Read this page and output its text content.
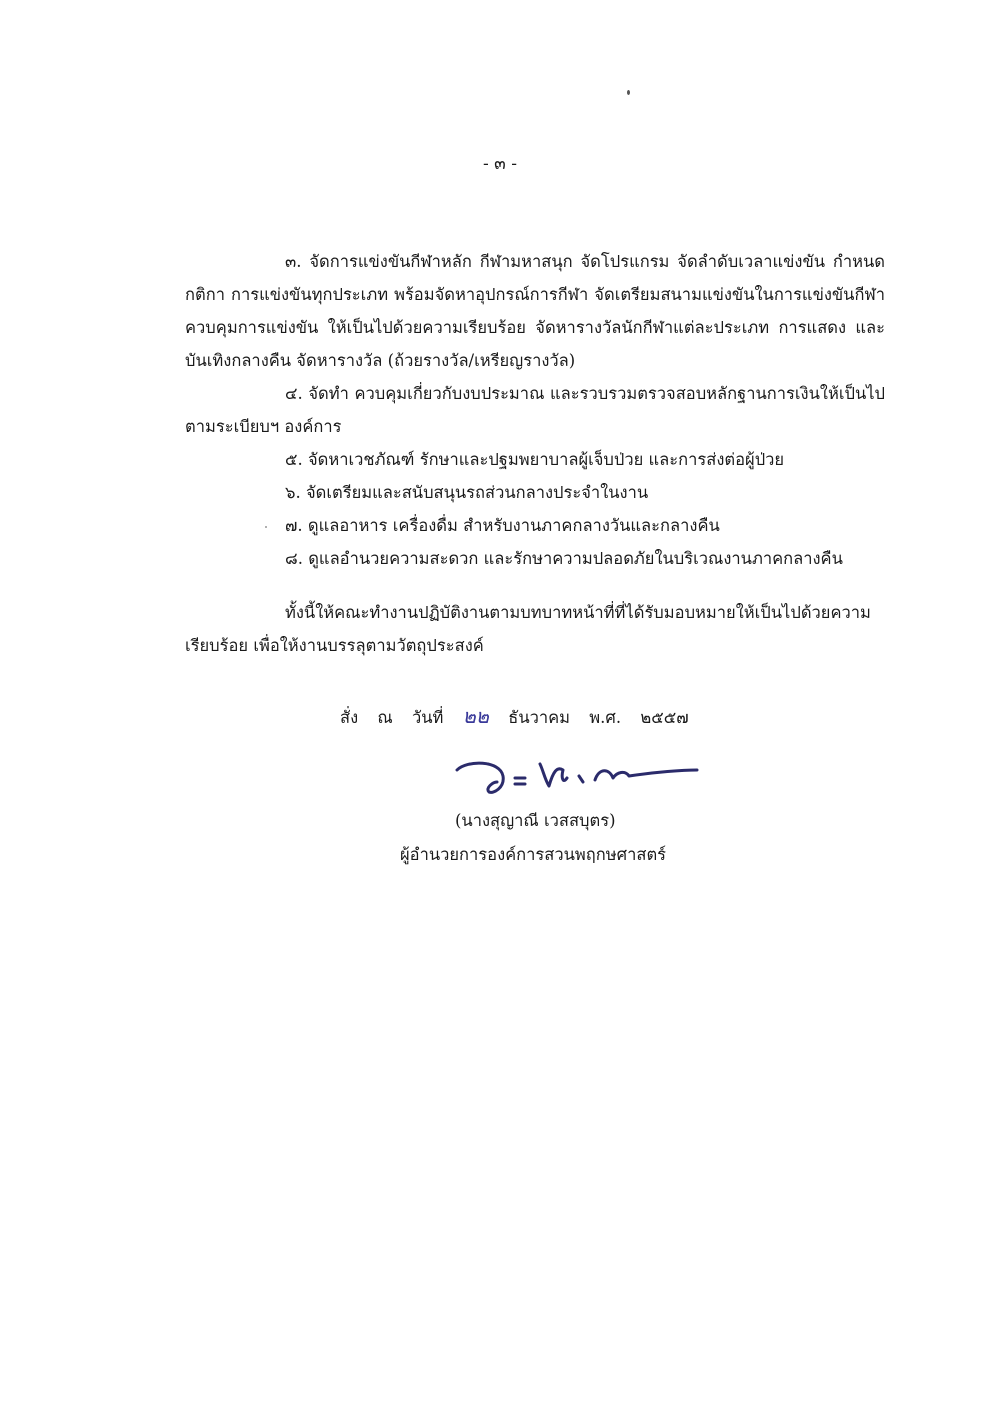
- ๓ -

๓. จัดการแข่งขันกีฬาหลัก กีฬามหาสนุก จัดโปรแกรม จัดลำดับเวลาแข่งขัน กำหนดกติกา การแข่งขันทุกประเภท พร้อมจัดหาอุปกรณ์การกีฬา จัดเตรียมสนามแข่งขันในการแข่งขันกีฬา ควบคุมการแข่งขัน ให้เป็นไปด้วยความเรียบร้อย จัดหารางวัลนักกีฬาแต่ละประเภท การแสดง และบันเทิงกลางคืน จัดหารางวัล (ถ้วยรางวัล/เหรียญรางวัล)

๔. จัดทำ ควบคุมเกี่ยวกับงบประมาณ และรวบรวมตรวจสอบหลักฐานการเงินให้เป็นไปตามระเบียบฯ องค์การ

๕. จัดหาเวชภัณฑ์ รักษาและปฐมพยาบาลผู้เจ็บป่วย และการส่งต่อผู้ป่วย

๖. จัดเตรียมและสนับสนุนรถส่วนกลางประจำในงาน

๗. ดูแลอาหาร เครื่องดื่ม สำหรับงานภาคกลางวันและกลางคืน

๘. ดูแลอำนวยความสะดวก และรักษาความปลอดภัยในบริเวณงานภาคกลางคืน

ทั้งนี้ให้คณะทำงานปฏิบัติงานตามบทบาทหน้าที่ที่ได้รับมอบหมายให้เป็นไปด้วยความเรียบร้อย เพื่อให้งานบรรลุตามวัตถุประสงค์

สั่ง ณ วันที่ ๒๒ ธันวาคม พ.ศ. ๒๕๕๗
(นางสุญาณี เวสสบุตร)
ผู้อำนวยการองค์การสวนพฤกษศาสตร์
